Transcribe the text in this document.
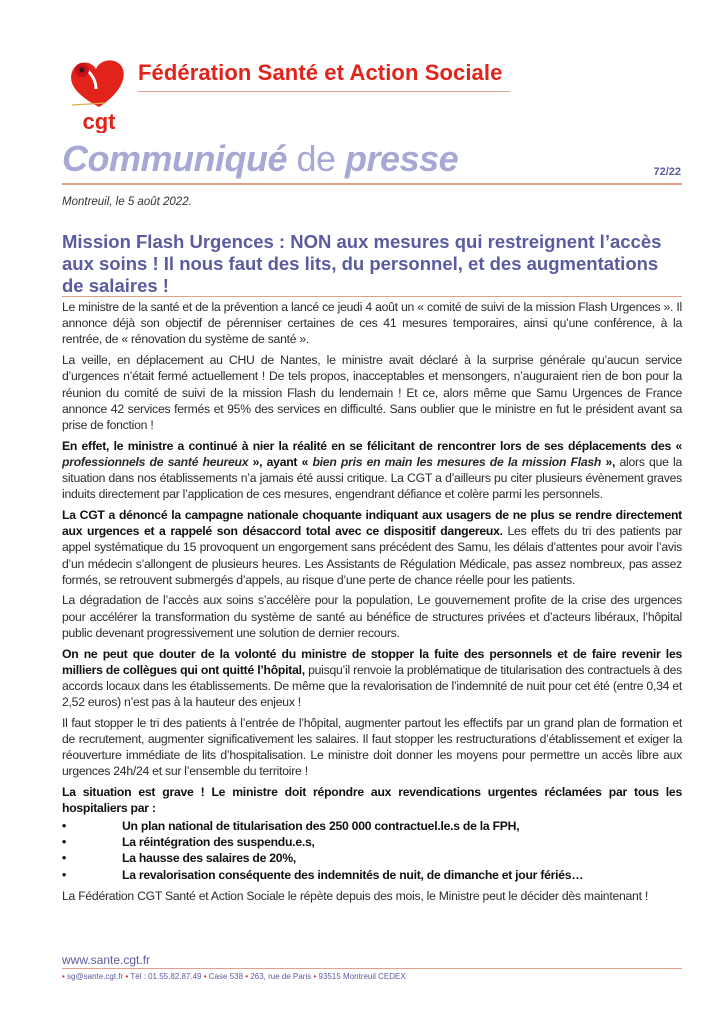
cgt
Fédération Santé et Action Sociale
Communiqué de presse	72/22
Montreuil, le 5 août 2022.
Mission Flash Urgences : NON aux mesures qui restreignent l’accès aux soins ! Il nous faut des lits, du personnel, et des augmentations de salaires !

Le ministre de la santé et de la prévention a lancé ce jeudi 4 août un « comité de suivi de la mission Flash Urgences ». Il annonce déjà son objectif de pérenniser certaines de ces 41 mesures temporaires, ainsi qu’une conférence, à la rentrée, de « rénovation du système de santé ».

La veille, en déplacement au CHU de Nantes, le ministre avait déclaré à la surprise générale qu’aucun service d’urgences n’était fermé actuellement ! De tels propos, inacceptables et mensongers, n’auguraient rien de bon pour la réunion du comité de suivi de la mission Flash du lendemain ! Et ce, alors même que Samu Urgences de France annonce 42 services fermés et 95% des services en difficulté. Sans oublier que le ministre en fut le président avant sa prise de fonction !

En effet, le ministre a continué à nier la réalité en se félicitant de rencontrer lors de ses déplacements des « professionnels de santé heureux », ayant « bien pris en main les mesures de la mission Flash », alors que la situation dans nos établissements n’a jamais été aussi critique. La CGT a d’ailleurs pu citer plusieurs évènement graves induits directement par l’application de ces mesures, engendrant défiance et colère parmi les personnels.

La CGT a dénoncé la campagne nationale choquante indiquant aux usagers de ne plus se rendre directement aux urgences et a rappelé son désaccord total avec ce dispositif dangereux. Les effets du tri des patients par appel systématique du 15 provoquent un engorgement sans précédent des Samu, les délais d’attentes pour avoir l’avis d’un médecin s’allongent de plusieurs heures. Les Assistants de Régulation Médicale, pas assez nombreux, pas assez formés, se retrouvent submergés d’appels, au risque d’une perte de chance réelle pour les patients.

La dégradation de l’accès aux soins s’accélère pour la population, Le gouvernement profite de la crise des urgences pour accélérer la transformation du système de santé au bénéfice de structures privées et d’acteurs libéraux, l’hôpital public devenant progressivement une solution de dernier recours.

On ne peut que douter de la volonté du ministre de stopper la fuite des personnels et de faire revenir les milliers de collègues qui ont quitté l’hôpital, puisqu’il renvoie la problématique de titularisation des contractuels à des accords locaux dans les établissements. De même que la revalorisation de l’indemnité de nuit pour cet été (entre 0,34 et 2,52 euros) n’est pas à la hauteur des enjeux !

Il faut stopper le tri des patients à l’entrée de l’hôpital, augmenter partout les effectifs par un grand plan de formation et de recrutement, augmenter significativement les salaires. Il faut stopper les restructurations d’établissement et exiger la réouverture immédiate de lits d’hospitalisation. Le ministre doit donner les moyens pour permettre un accès libre aux urgences 24h/24 et sur l’ensemble du territoire !

La situation est grave ! Le ministre doit répondre aux revendications urgentes réclamées par tous les hospitaliers par :

•	Un plan national de titularisation des 250 000 contractuel.le.s de la FPH,
•	La réintégration des suspendu.e.s,
•	La hausse des salaires de 20%,
•	La revalorisation conséquente des indemnités de nuit, de dimanche et jour fériés…

La Fédération CGT Santé et Action Sociale le répète depuis des mois, le Ministre peut le décider dès maintenant !

www.sante.cgt.fr
• sg@sante.cgt.fr • Tél : 01.55.82.87.49 • Case 538 • 263, rue de Paris • 93515 Montreuil CEDEX
